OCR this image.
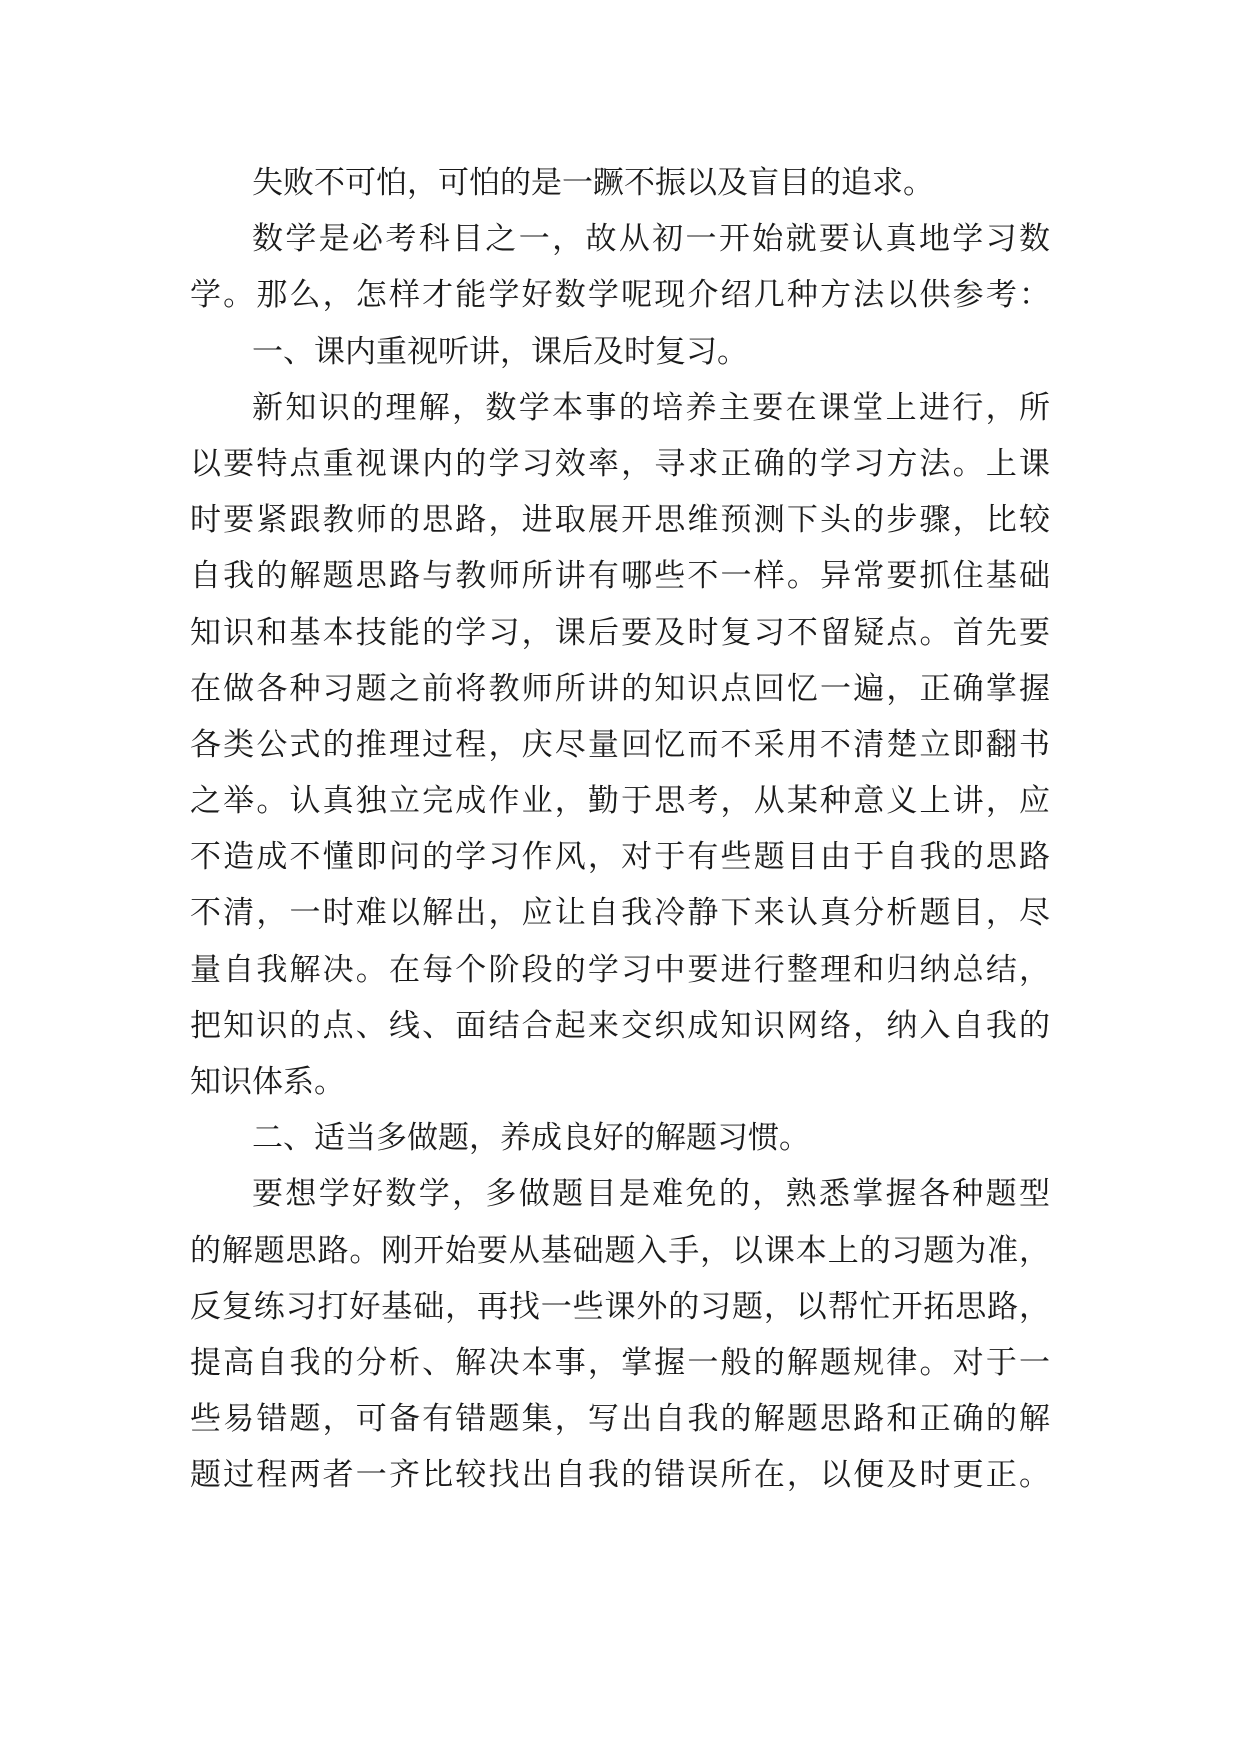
失败不可怕，可怕的是一蹶不振以及盲目的追求。
数学是必考科目之一，故从初一开始就要认真地学习数
学。那么，怎样才能学好数学呢现介绍几种方法以供参考：
一、课内重视听讲，课后及时复习。
新知识的理解，数学本事的培养主要在课堂上进行，所
以要特点重视课内的学习效率，寻求正确的学习方法。上课
时要紧跟教师的思路，进取展开思维预测下头的步骤，比较
自我的解题思路与教师所讲有哪些不一样。异常要抓住基础
知识和基本技能的学习，课后要及时复习不留疑点。首先要
在做各种习题之前将教师所讲的知识点回忆一遍，正确掌握
各类公式的推理过程，庆尽量回忆而不采用不清楚立即翻书
之举。认真独立完成作业，勤于思考，从某种意义上讲，应
不造成不懂即问的学习作风，对于有些题目由于自我的思路
不清，一时难以解出，应让自我冷静下来认真分析题目，尽
量自我解决。在每个阶段的学习中要进行整理和归纳总结，
把知识的点、线、面结合起来交织成知识网络，纳入自我的
知识体系。
二、适当多做题，养成良好的解题习惯。
要想学好数学，多做题目是难免的，熟悉掌握各种题型
的解题思路。刚开始要从基础题入手，以课本上的习题为准，
反复练习打好基础，再找一些课外的习题，以帮忙开拓思路，
提高自我的分析、解决本事，掌握一般的解题规律。对于一
些易错题，可备有错题集，写出自我的解题思路和正确的解
题过程两者一齐比较找出自我的错误所在，以便及时更正。
